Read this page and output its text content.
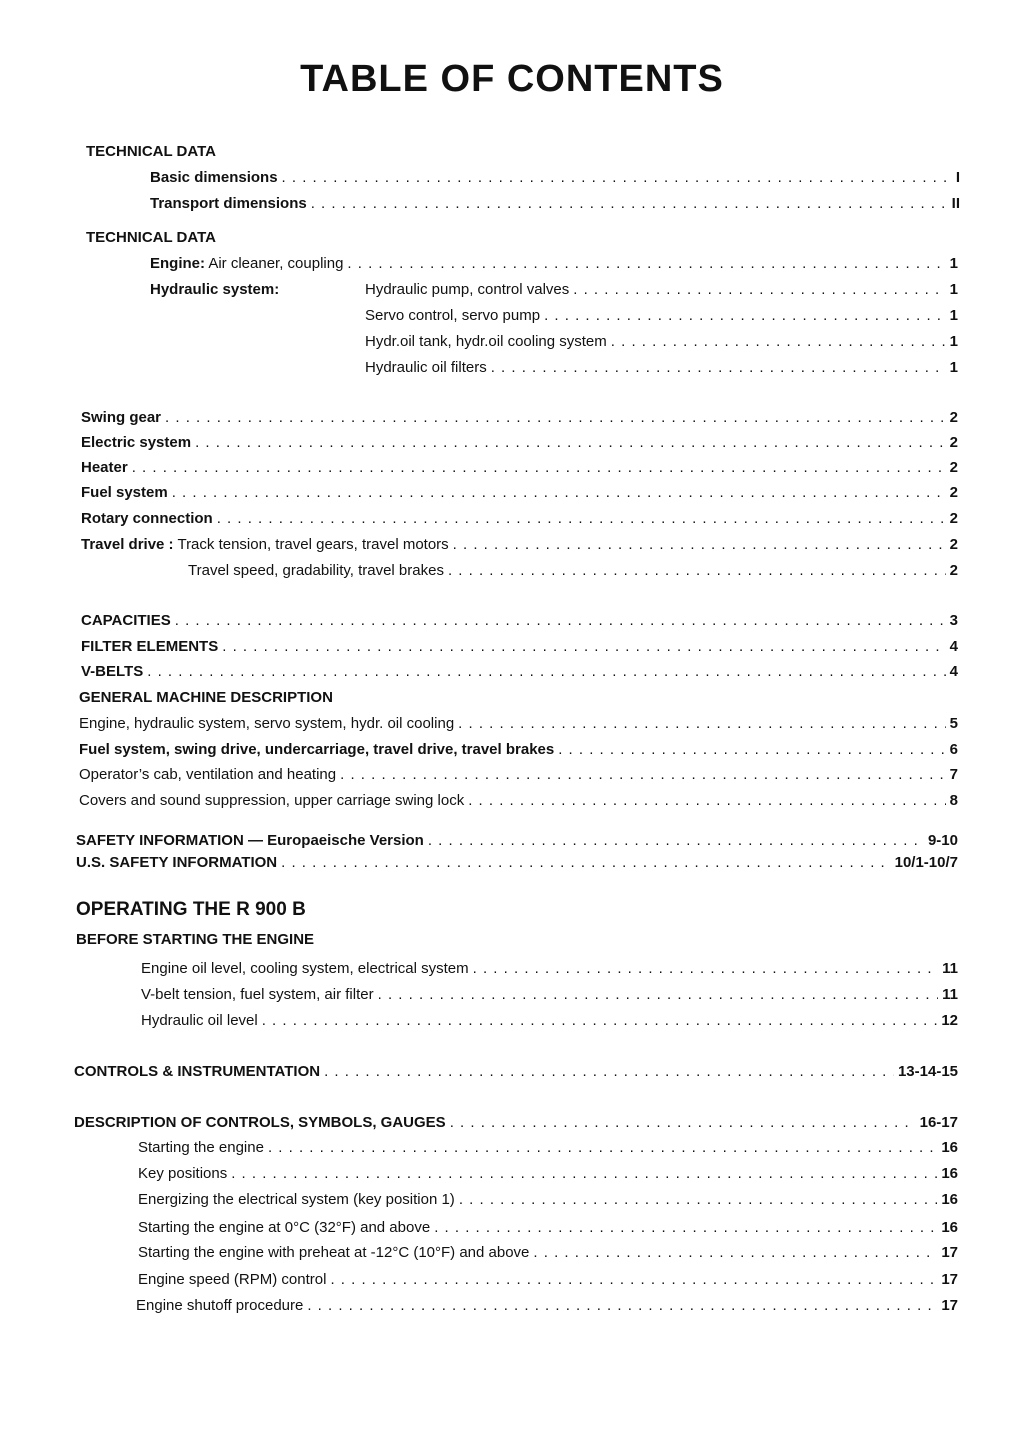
TABLE OF CONTENTS
TECHNICAL DATA
Basic dimensions . . .	I
Transport dimensions . . .	II
TECHNICAL DATA
Engine: Air cleaner, coupling . . .	1
Hydraulic system:	Hydraulic pump, control valves . . .	1
Servo control, servo pump . . .	1
Hydr.oil tank, hydr.oil cooling system . . .	1
Hydraulic oil filters . . .	1
Swing gear . . .	2
Electric system . . .	2
Heater . . .	2
Fuel system . . .	2
Rotary connection . . .	2
Travel drive : Track tension, travel gears, travel motors . . .	2
Travel speed, gradability, travel brakes . . .	2
CAPACITIES . . .	3
FILTER ELEMENTS . . .	4
V-BELTS . . .	4
GENERAL MACHINE DESCRIPTION
Engine, hydraulic system, servo system, hydr. oil cooling . . .	5
Fuel system, swing drive, undercarriage, travel drive, travel brakes . . .	6
Operator’s cab, ventilation and heating . . .	7
Covers and sound suppression, upper carriage swing lock . . .	8
SAFETY INFORMATION — Europaeische Version . . .	9-10
U.S. SAFETY INFORMATION . . .	10/1-10/7
OPERATING THE R 900 B
BEFORE STARTING THE ENGINE
Engine oil level, cooling system, electrical system . . .	11
V-belt tension, fuel system, air filter . . .	11
Hydraulic oil level . . .	12
CONTROLS & INSTRUMENTATION . . .	13-14-15
DESCRIPTION OF CONTROLS, SYMBOLS, GAUGES . . .	16-17
Starting the engine . . .	16
Key positions . . .	16
Energizing the electrical system (key position 1) . . .	16
Starting the engine at 0°C (32°F) and above . . .	16
Starting the engine with preheat at -12°C (10°F) and above . . .	17
Engine speed (RPM) control . . .	17
Engine shutoff procedure . . .	17
